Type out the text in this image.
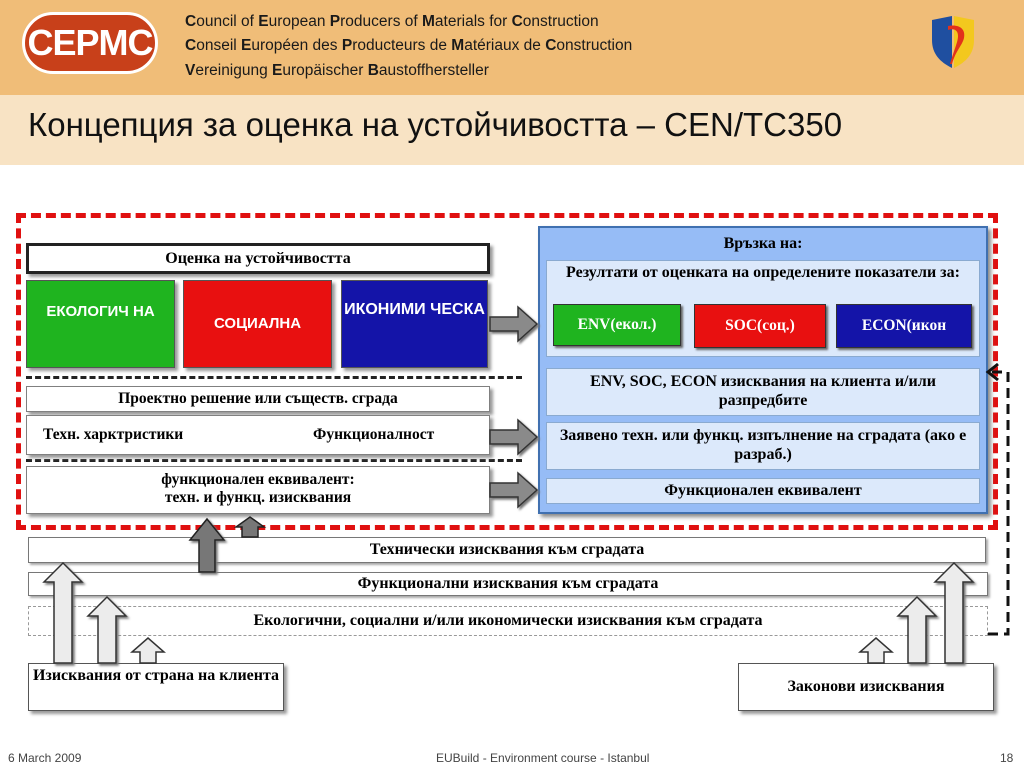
CEPMC
Council of European Producers of Materials for Construction
Conseil Européen des Producteurs de Matériaux de Construction
Vereinigung Europäischer Baustoffhersteller
Концепция за оценка на устойчивостта – CEN/TC350
Оценка на устойчивостта
ЕКОЛОГИЧ НА
СОЦИАЛНА
ИКОНИМИ ЧЕСКА
Проектно решение или съществ. сграда
Техн. харктристики	Функционалност
функционален еквивалент:
техн. и функц. изисквания
Връзка на:
Резултати от оценката на определените показатели за:
ENV(екол.)	SOC(соц.)	ECON(икон
ENV, SOC, ECON изисквания на клиента и/или разпредбите
Заявено техн. или функц. изпълнение на сградата (ако е разраб.)
Функционален еквивалент
Технически изисквания към сградата
Функционални изисквания към сградата
Екологични, социални и/или икономически изисквания към сградата
Изисквания от страна на клиента
Законови изисквания
6 March 2009	EUBuild - Environment course - Istanbul	18
